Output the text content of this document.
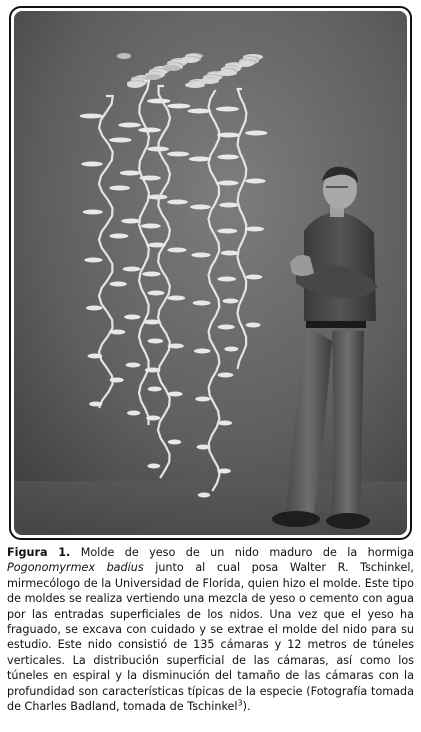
Figura 1. Molde de yeso de un nido maduro de la hormiga Pogonomyrmex badius junto al cual posa Walter R. Tschinkel, mirmecólogo de la Universidad de Florida, quien hizo el molde. Este tipo de moldes se realiza vertiendo una mezcla de yeso o cemento con agua por las entradas superficiales de los nidos. Una vez que el yeso ha fraguado, se excava con cuidado y se extrae el molde del nido para su estudio. Este nido consistió de 135 cámaras y 12 metros de túneles verticales. La distribución superficial de las cámaras, así como los túneles en espiral y la disminución del tamaño de las cámaras con la profundidad son características típicas de la especie (Fotografía tomada de Charles Badland, tomada de Tschinkel$^3$).
